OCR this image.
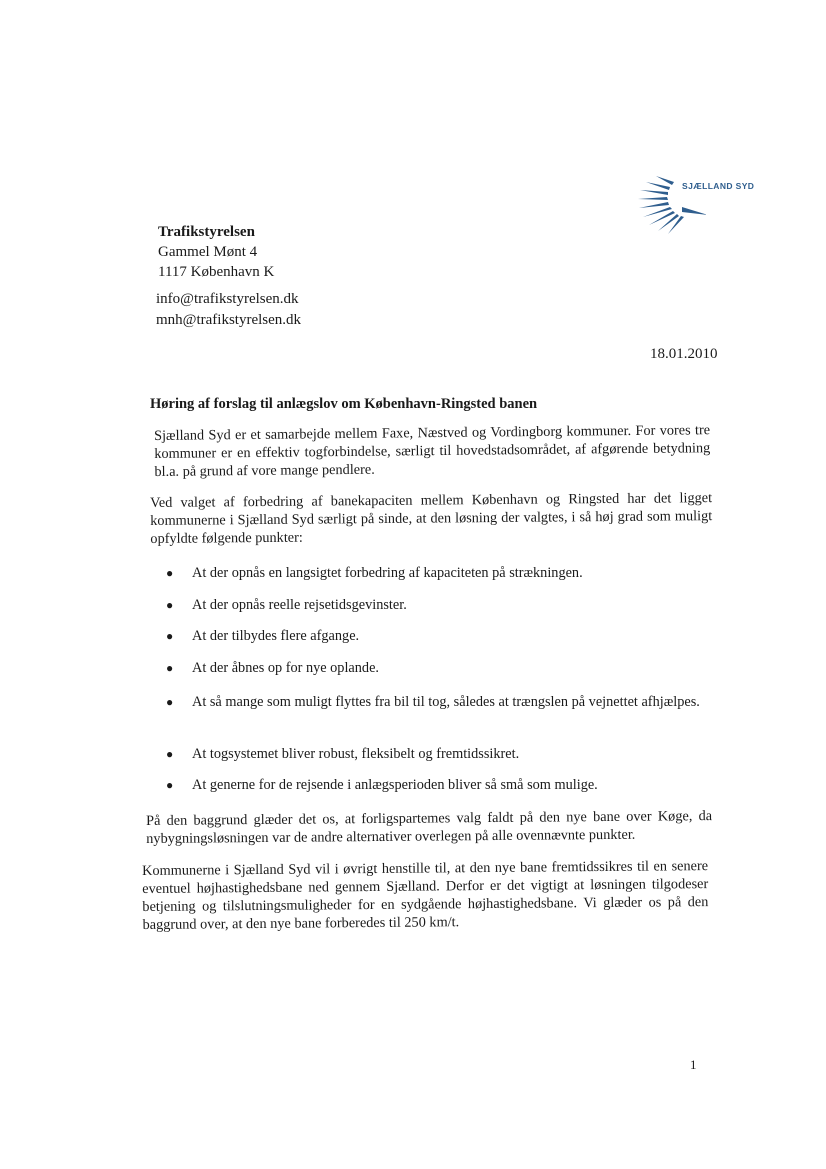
SJÆLLAND SYD
Trafikstyrelsen
Gammel Mønt 4
1117 København K
info@trafikstyrelsen.dk
mnh@trafikstyrelsen.dk
18.01.2010
Høring af forslag til anlægslov om København-Ringsted banen
Sjælland Syd er et samarbejde mellem Faxe, Næstved og Vordingborg kommuner. For vores tre kommuner er en effektiv togforbindelse, særligt til hovedstadsområdet, af afgørende betydning bl.a. på grund af vore mange pendlere.
Ved valget af forbedring af banekapaciten mellem København og Ringsted har det ligget kommunerne i Sjælland Syd særligt på sinde, at den løsning der valgtes, i så høj grad som muligt opfyldte følgende punkter:
● At der opnås en langsigtet forbedring af kapaciteten på strækningen.
● At der opnås reelle rejsetidsgevinster.
● At der tilbydes flere afgange.
● At der åbnes op for nye oplande.
● At så mange som muligt flyttes fra bil til tog, således at trængslen på vejnettet afhjælpes.
● At togsystemet bliver robust, fleksibelt og fremtidssikret.
● At generne for de rejsende i anlægsperioden bliver så små som mulige.
På den baggrund glæder det os, at forligspartemes valg faldt på den nye bane over Køge, da nybygningsløsningen var de andre alternativer overlegen på alle ovennævnte punkter.
Kommunerne i Sjælland Syd vil i øvrigt henstille til, at den nye bane fremtidssikres til en senere eventuel højhastighedsbane ned gennem Sjælland. Derfor er det vigtigt at løsningen tilgodeser betjening og tilslutningsmuligheder for en sydgående højhastighedsbane. Vi glæder os på den baggrund over, at den nye bane forberedes til 250 km/t.
1
